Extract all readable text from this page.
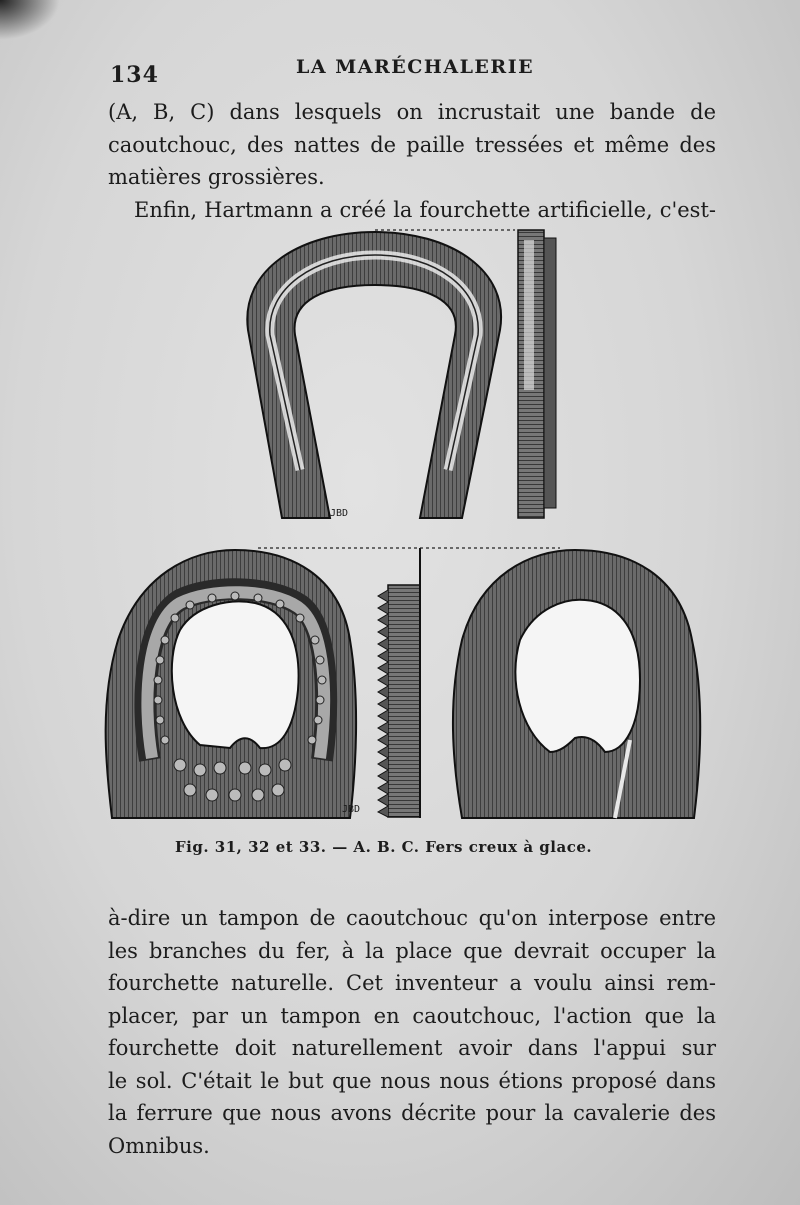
134	LA MARÉCHALERIE
(A, B, C) dans lesquels on incrustait une bande de
caoutchouc, des nattes de paille tressées et même des
matières grossières.
Enfin, Hartmann a créé la fourchette artificielle, c'est-
JBD
JBD
Fig. 31, 32 et 33. — A. B. C. Fers creux à glace.
à-dire un tampon de caoutchouc qu'on interpose entre
les branches du fer, à la place que devrait occuper la
fourchette naturelle. Cet inventeur a voulu ainsi rem-
placer, par un tampon en caoutchouc, l'action que la
fourchette doit naturellement avoir dans l'appui sur
le sol. C'était le but que nous nous étions proposé dans
la ferrure que nous avons décrite pour la cavalerie des
Omnibus.
